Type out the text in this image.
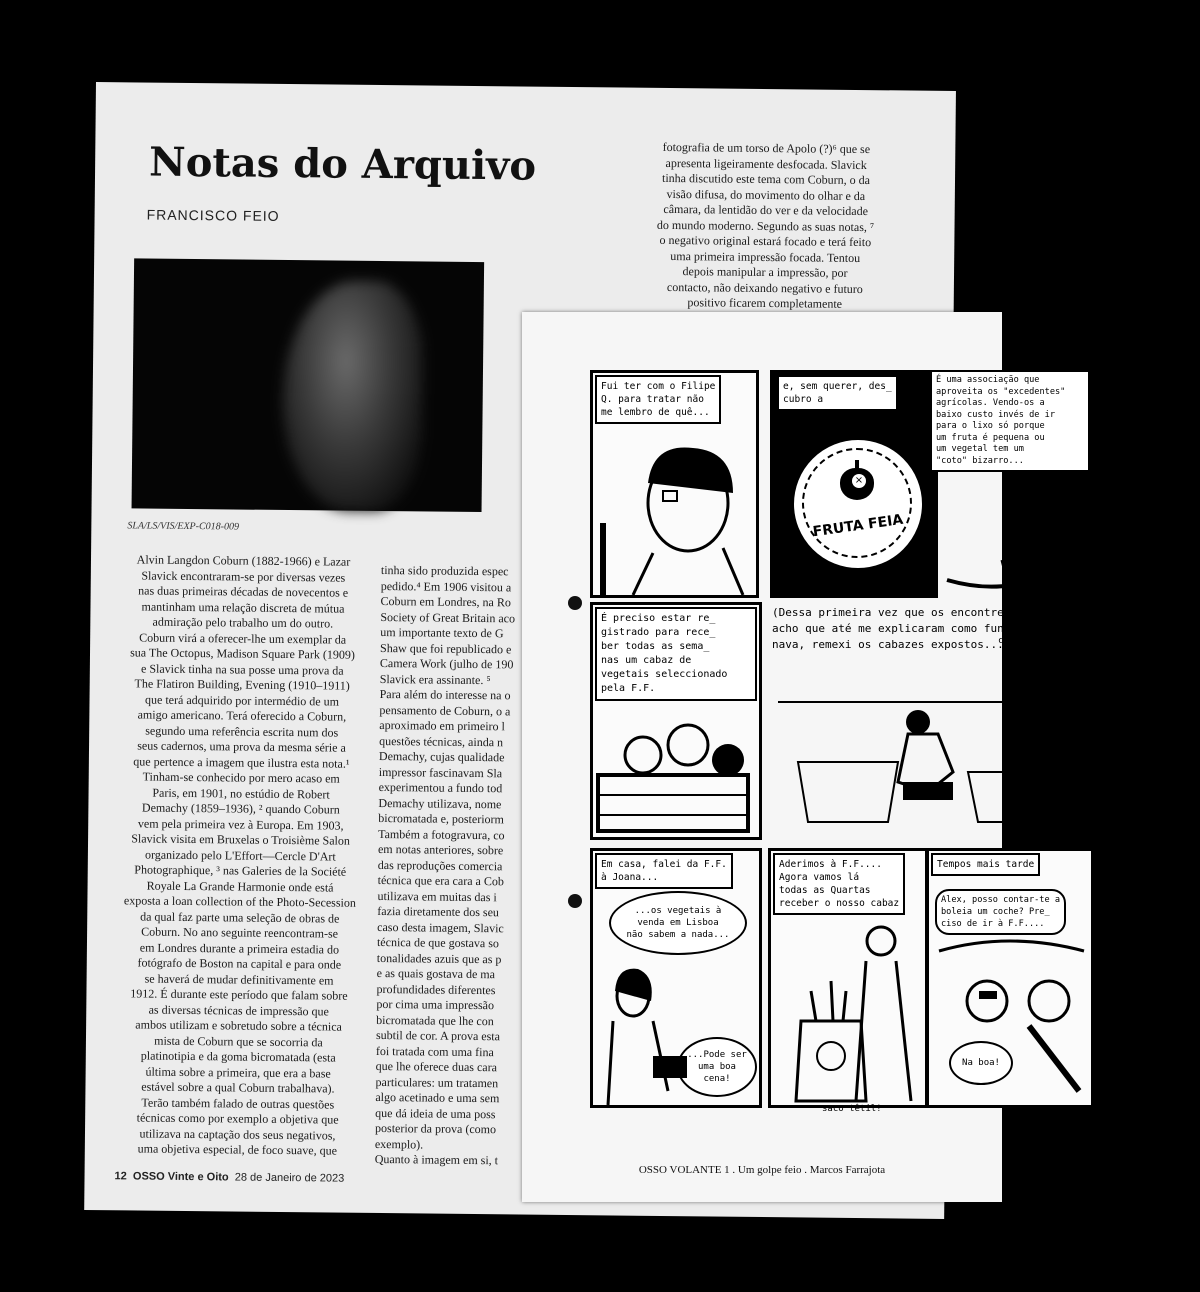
Notas do Arquivo
FRANCISCO FEIO
SLA/LS/VIS/EXP-C018-009
Alvin Langdon Coburn (1882-1966) e Lazar
Slavick encontraram-se por diversas vezes
nas duas primeiras décadas de novecentos e
mantinham uma relação discreta de mútua
admiração pelo trabalho um do outro.
Coburn virá a oferecer-lhe um exemplar da
sua The Octopus, Madison Square Park (1909)
e Slavick tinha na sua posse uma prova da
The Flatiron Building, Evening (1910–1911)
que terá adquirido por intermédio de um
amigo americano. Terá oferecido a Coburn,
segundo uma referência escrita num dos
seus cadernos, uma prova da mesma série a
que pertence a imagem que ilustra esta nota.¹
Tinham-se conhecido por mero acaso em
Paris, em 1901, no estúdio de Robert
Demachy (1859–1936), ² quando Coburn
vem pela primeira vez à Europa. Em 1903,
Slavick visita em Bruxelas o Troisième Salon
organizado pelo L'Effort—Cercle D'Art
Photographique, ³ nas Galeries de la Société
Royale La Grande Harmonie onde está
exposta a loan collection of the Photo-Secession
da qual faz parte uma seleção de obras de
Coburn. No ano seguinte reencontram-se
em Londres durante a primeira estadia do
fotógrafo de Boston na capital e para onde
se haverá de mudar definitivamente em
1912. É durante este período que falam sobre
as diversas técnicas de impressão que
ambos utilizam e sobretudo sobre a técnica
mista de Coburn que se socorria da
platinotipia e da goma bicromatada (esta
última sobre a primeira, que era a base
estável sobre a qual Coburn trabalhava).
Terão também falado de outras questões
técnicas como por exemplo a objetiva que
utilizava na captação dos seus negativos,
uma objetiva especial, de foco suave, que
tinha sido produzida espec
pedido.⁴ Em 1906 visitou a
Coburn em Londres, na Ro
Society of Great Britain aco
um importante texto de G
Shaw que foi republicado e
Camera Work (julho de 190
Slavick era assinante. ⁵
Para além do interesse na o
pensamento de Coburn, o a
aproximado em primeiro l
questões técnicas, ainda n
Demachy, cujas qualidade
impressor fascinavam Sla
experimentou a fundo tod
Demachy utilizava, nome
bicromatada e, posteriorm
Também a fotogravura, co
em notas anteriores, sobre
das reproduções comercia
técnica que era cara a Cob
utilizava em muitas das i
fazia diretamente dos seu
caso desta imagem, Slavic
técnica de que gostava so
tonalidades azuis que as p
e as quais gostava de ma
profundidades diferentes
por cima uma impressão
bicromatada que lhe con
subtil de cor. A prova esta
foi tratada com uma fina
que lhe oferece duas cara
particulares: um tratamen
algo acetinado e uma sem
que dá ideia de uma poss
posterior da prova (como
exemplo).
Quanto à imagem em si, t
fotografia de um torso de Apolo (?)⁶ que se
apresenta ligeiramente desfocada. Slavick
tinha discutido este tema com Coburn, o da
visão difusa, do movimento do olhar e da
câmara, da lentidão do ver e da velocidade
do mundo moderno. Segundo as suas notas, ⁷
o negativo original estará focado e terá feito
uma primeira impressão focada. Tentou
depois manipular a impressão, por
contacto, não deixando negativo e futuro
positivo ficarem completamente

12 OSSO Vinte e Oito 28 de Janeiro de 2023
Fui ter com o Filipe
Q. para tratar não
me lembro de quê...
e, sem querer, des_
cubro a
×
FRUTA FEIA
É uma associação que
aproveita os "excedentes"
agrícolas. Vendo-os a
baixo custo invés de ir
para o lixo só porque
um fruta é pequena ou
um vegetal tem um
"coto" bizarro...
cenoura freak?
É preciso estar re_
gistrado para rece_
ber todas as sema_
nas um cabaz de
vegetais seleccionado
pela F.F.
(Dessa primeira vez que os encontrei,
acho que até me explicaram como funcio_
nava, remexi os cabazes expostos...)
Em casa, falei da F.F.
à Joana...
...os vegetais à
venda em Lisboa
não sabem a nada...
...Pode ser
uma boa
cena!
Aderimos à F.F....
Agora vamos lá
todas as Quartas
receber o nosso cabaz
saco têtil!
Tempos mais tarde
Alex, posso contar-te a
boleia um coche? Pre_
ciso de ir à F.F....
Na boa!
OSSO VOLANTE 1 . Um golpe feio . Marcos Farrajota
